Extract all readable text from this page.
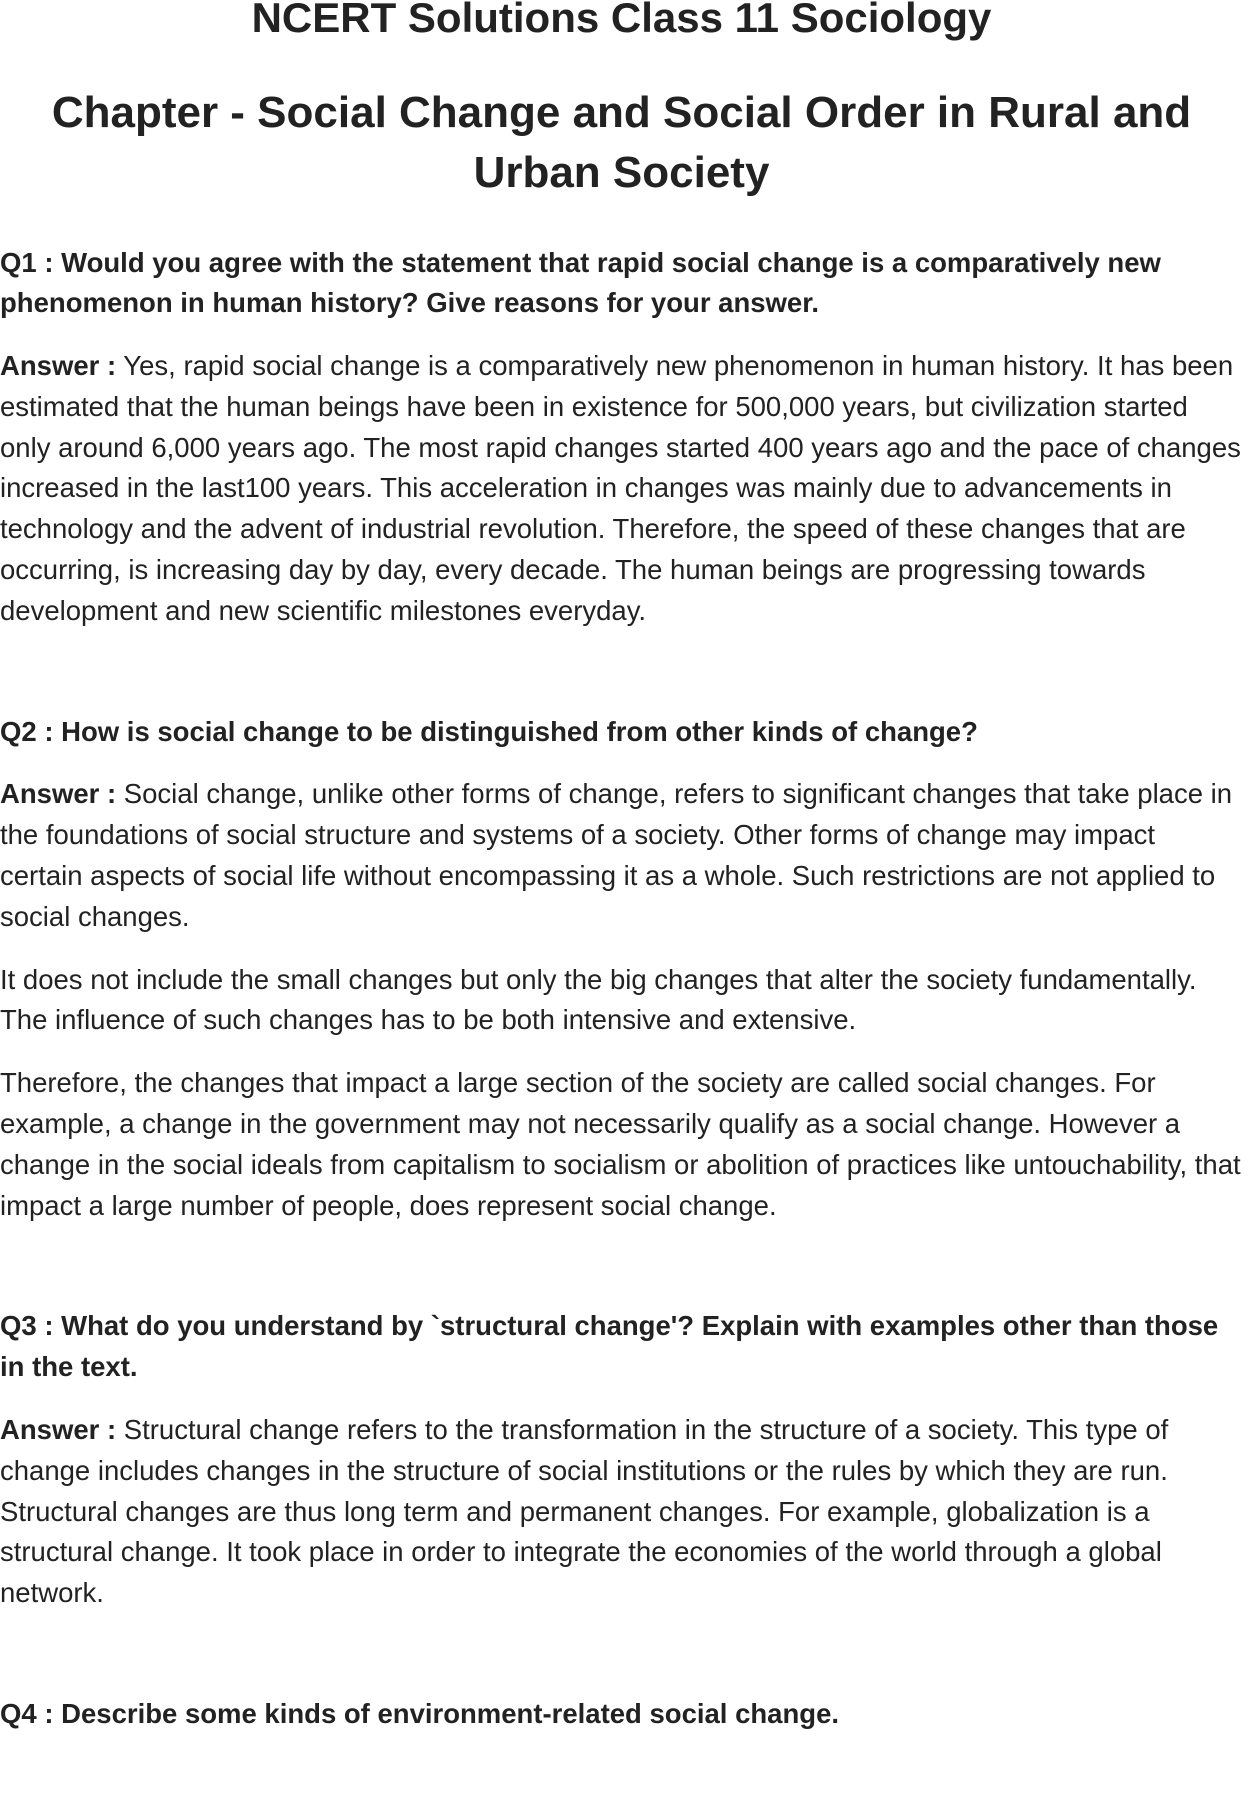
NCERT Solutions Class 11 Sociology
Chapter - Social Change and Social Order in Rural and Urban Society

Q1 : Would you agree with the statement that rapid social change is a comparatively new phenomenon in human history? Give reasons for your answer.

Answer : Yes, rapid social change is a comparatively new phenomenon in human history. It has been estimated that the human beings have been in existence for 500,000 years, but civilization started only around 6,000 years ago. The most rapid changes started 400 years ago and the pace of changes increased in the last100 years. This acceleration in changes was mainly due to advancements in technology and the advent of industrial revolution. Therefore, the speed of these changes that are occurring, is increasing day by day, every decade. The human beings are progressing towards development and new scientific milestones everyday.

Q2 : How is social change to be distinguished from other kinds of change?

Answer : Social change, unlike other forms of change, refers to significant changes that take place in the foundations of social structure and systems of a society. Other forms of change may impact certain aspects of social life without encompassing it as a whole. Such restrictions are not applied to social changes.

It does not include the small changes but only the big changes that alter the society fundamentally. The influence of such changes has to be both intensive and extensive.

Therefore, the changes that impact a large section of the society are called social changes. For example, a change in the government may not necessarily qualify as a social change. However a change in the social ideals from capitalism to socialism or abolition of practices like untouchability, that impact a large number of people, does represent social change.

Q3 : What do you understand by `structural change'? Explain with examples other than those in the text.

Answer : Structural change refers to the transformation in the structure of a society. This type of change includes changes in the structure of social institutions or the rules by which they are run. Structural changes are thus long term and permanent changes. For example, globalization is a structural change. It took place in order to integrate the economies of the world through a global network.

Q4 : Describe some kinds of environment-related social change.
